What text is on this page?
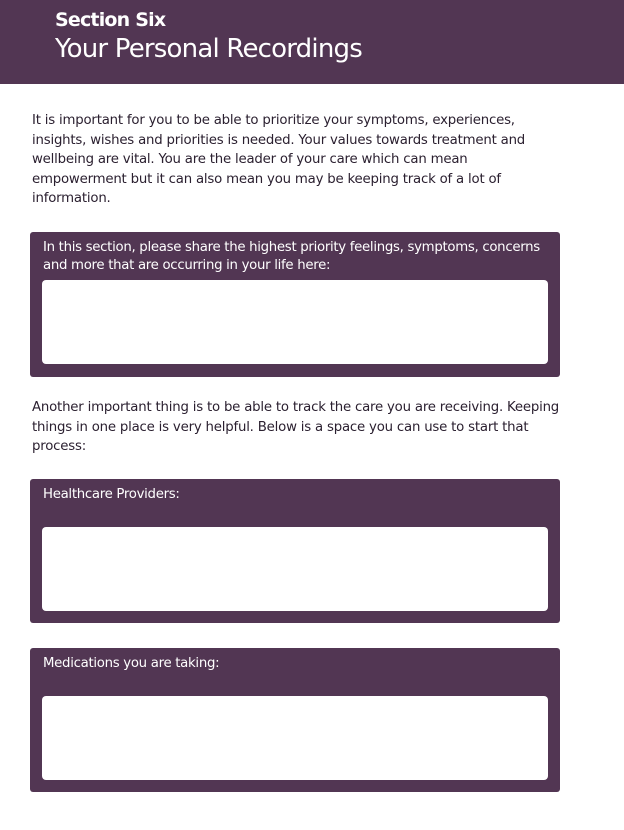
Section Six
Your Personal Recordings

It is important for you to be able to prioritize your symptoms, experiences, insights, wishes and priorities is needed. Your values towards treatment and wellbeing are vital. You are the leader of your care which can mean empowerment but it can also mean you may be keeping track of a lot of information.

In this section, please share the highest priority feelings, symptoms, concerns and more that are occurring in your life here:

Another important thing is to be able to track the care you are receiving. Keeping things in one place is very helpful. Below is a space you can use to start that process:

Healthcare Providers:
Medications you are taking:
